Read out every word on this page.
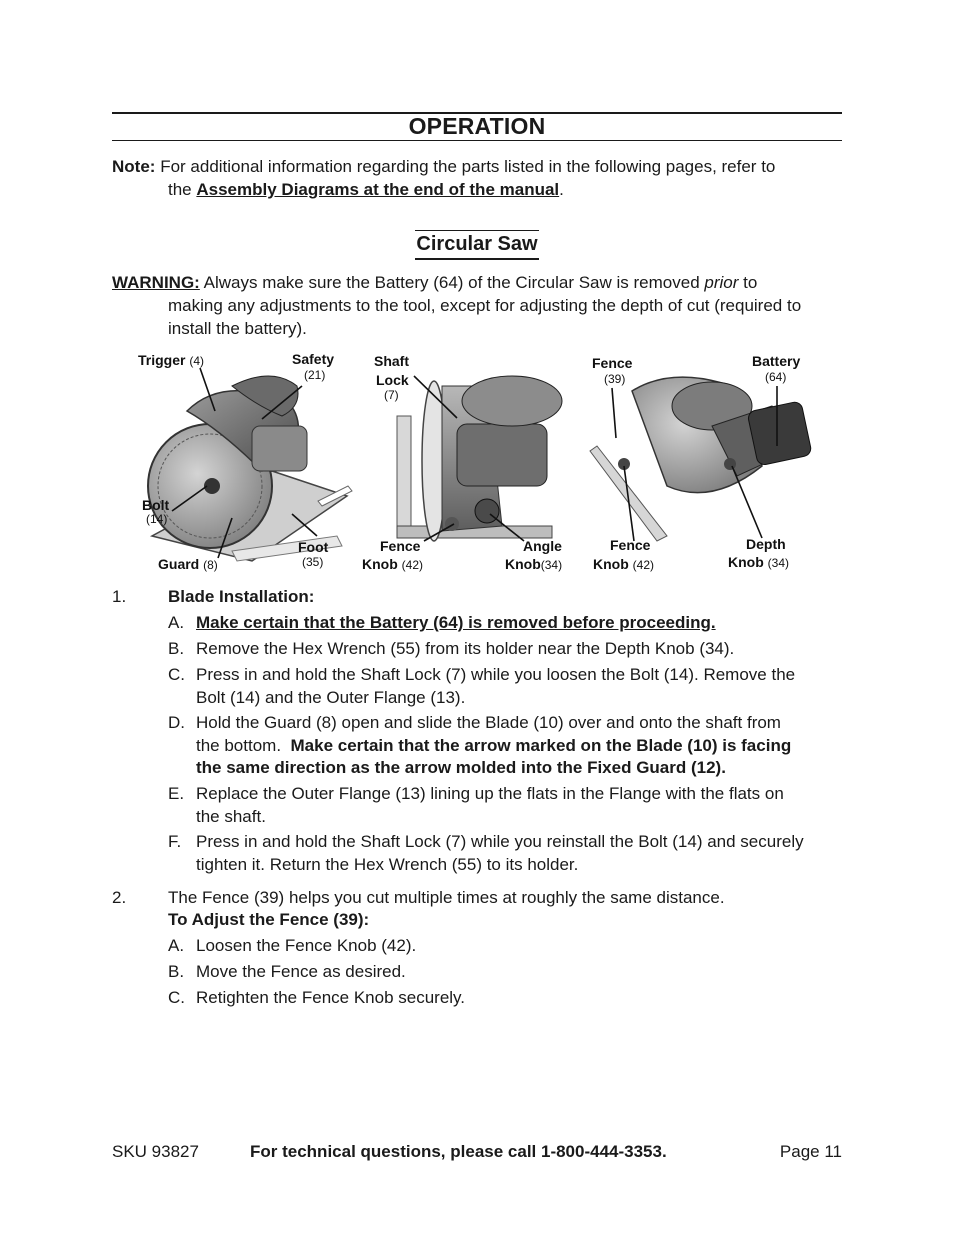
OPERATION
Note: For additional information regarding the parts listed in the following pages, refer to
the Assembly Diagrams at the end of the manual.
Circular Saw
WARNING: Always make sure the Battery (64) of the Circular Saw is removed prior to
making any adjustments to the tool, except for adjusting the depth of cut (required to
install the battery).
Trigger (4)	Safety
(21)
Bolt
(14)
Guard (8)
Foot
(35)
Shaft
Lock
(7)
Fence
Knob (42)
Angle
Knob(34)
Fence
(39)
Battery
(64)
Fence
Knob (42)
Depth
Knob (34)
1. Blade Installation:
A. Make certain that the Battery (64) is removed before proceeding.
B. Remove the Hex Wrench (55) from its holder near the Depth Knob (34).
C. Press in and hold the Shaft Lock (7) while you loosen the Bolt (14). Remove the
Bolt (14) and the Outer Flange (13).
D. Hold the Guard (8) open and slide the Blade (10) over and onto the shaft from
the bottom. Make certain that the arrow marked on the Blade (10) is facing
the same direction as the arrow molded into the Fixed Guard (12).
E. Replace the Outer Flange (13) lining up the flats in the Flange with the flats on
the shaft.
F. Press in and hold the Shaft Lock (7) while you reinstall the Bolt (14) and securely
tighten it. Return the Hex Wrench (55) to its holder.
2. The Fence (39) helps you cut multiple times at roughly the same distance.
To Adjust the Fence (39):
A. Loosen the Fence Knob (42).
B. Move the Fence as desired.
C. Retighten the Fence Knob securely.
SKU 93827	For technical questions, please call 1-800-444-3353.	Page 11
